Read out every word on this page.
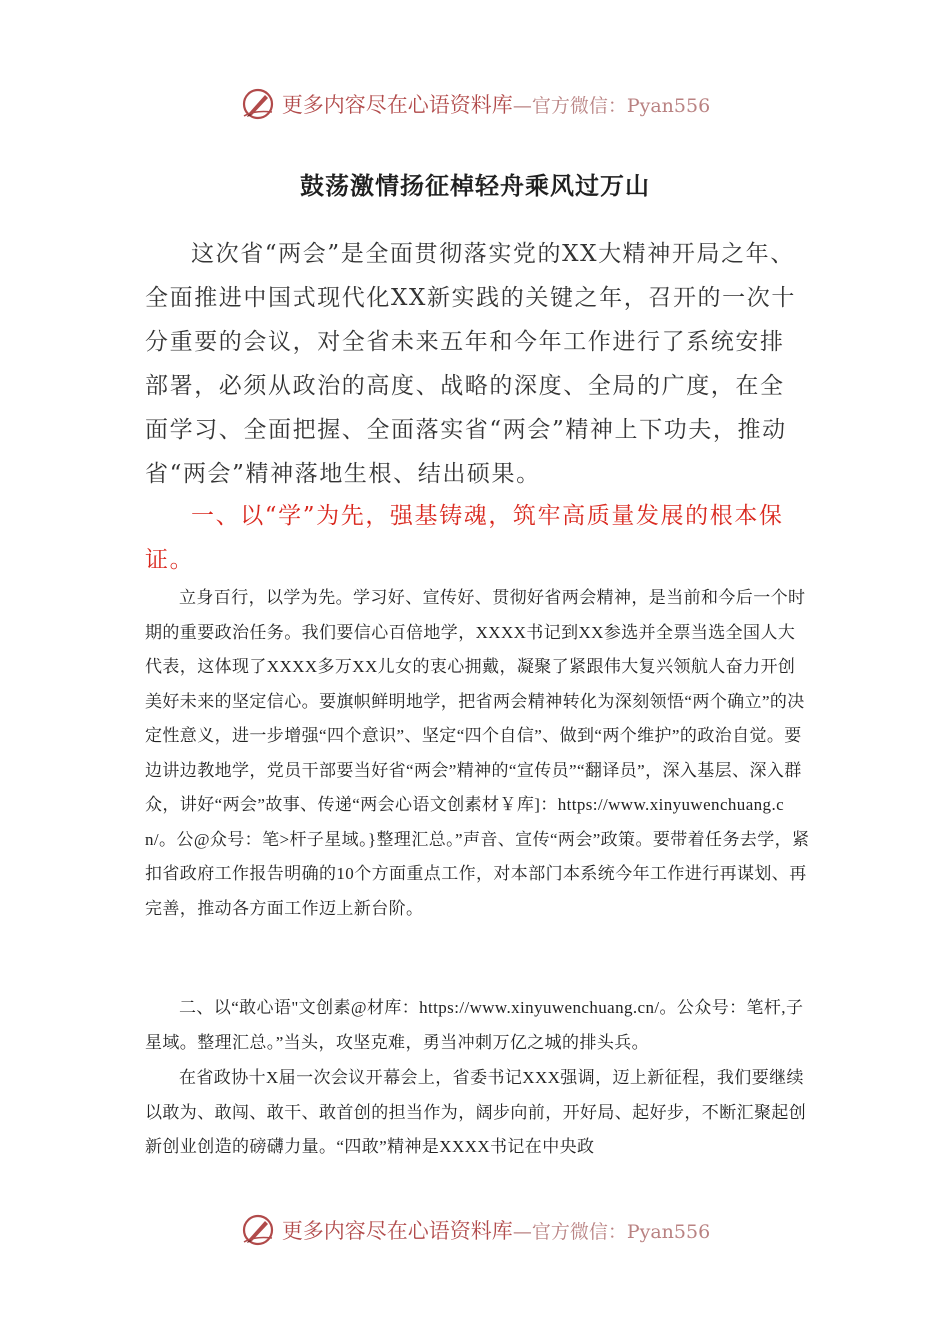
更多内容尽在心语资料库 —官方微信：Pyan556
鼓荡激情扬征棹轻舟乘风过万山

这次省“两会”是全面贯彻落实党的XX大精神开局之年、全面推进中国式现代化XX新实践的关键之年，召开的一次十分重要的会议，对全省未来五年和今年工作进行了系统安排部署，必须从政治的高度、战略的深度、全局的广度，在全面学习、全面把握、全面落实省“两会”精神上下功夫，推动省“两会”精神落地生根、结出硕果。

一、以“学”为先，强基铸魂，筑牢高质量发展的根本保证。

立身百行，以学为先。学习好、宣传好、贯彻好省两会精神，是当前和今后一个时期的重要政治任务。我们要信心百倍地学，XXXX书记到XX参选并全票当选全国人大代表，这体现了XXXX多万XX儿女的衷心拥戴，凝聚了紧跟伟大复兴领航人奋力开创美好未来的坚定信心。要旗帜鲜明地学，把省两会精神转化为深刻领悟“两个确立”的决定性意义，进一步增强“四个意识”、坚定“四个自信”、做到“两个维护”的政治自觉。要边讲边教地学，党员干部要当好省“两会”精神的“宣传员”“翻译员”，深入基层、深入群众，讲好“两会”故事、传递“两会心语文创素材￥库]：https://www.xinyuwenchuang.cn/。公@众号：笔>杆子星域。}整理汇总。”声音、宣传“两会”政策。要带着任务去学，紧扣省政府工作报告明确的10个方面重点工作，对本部门本系统今年工作进行再谋划、再完善，推动各方面工作迈上新台阶。

二、以“敢心语"文创素@材库：https://www.xinyuwenchuang.cn/。公众号：笔杆,子星域。整理汇总。”当头，攻坚克难，勇当冲刺万亿之城的排头兵。

在省政协十X届一次会议开幕会上，省委书记XXX强调，迈上新征程，我们要继续以敢为、敢闯、敢干、敢首创的担当作为，阔步向前，开好局、起好步，不断汇聚起创新创业创造的磅礴力量。“四敢”精神是XXXX书记在中央政

更多内容尽在心语资料库 —官方微信：Pyan556
